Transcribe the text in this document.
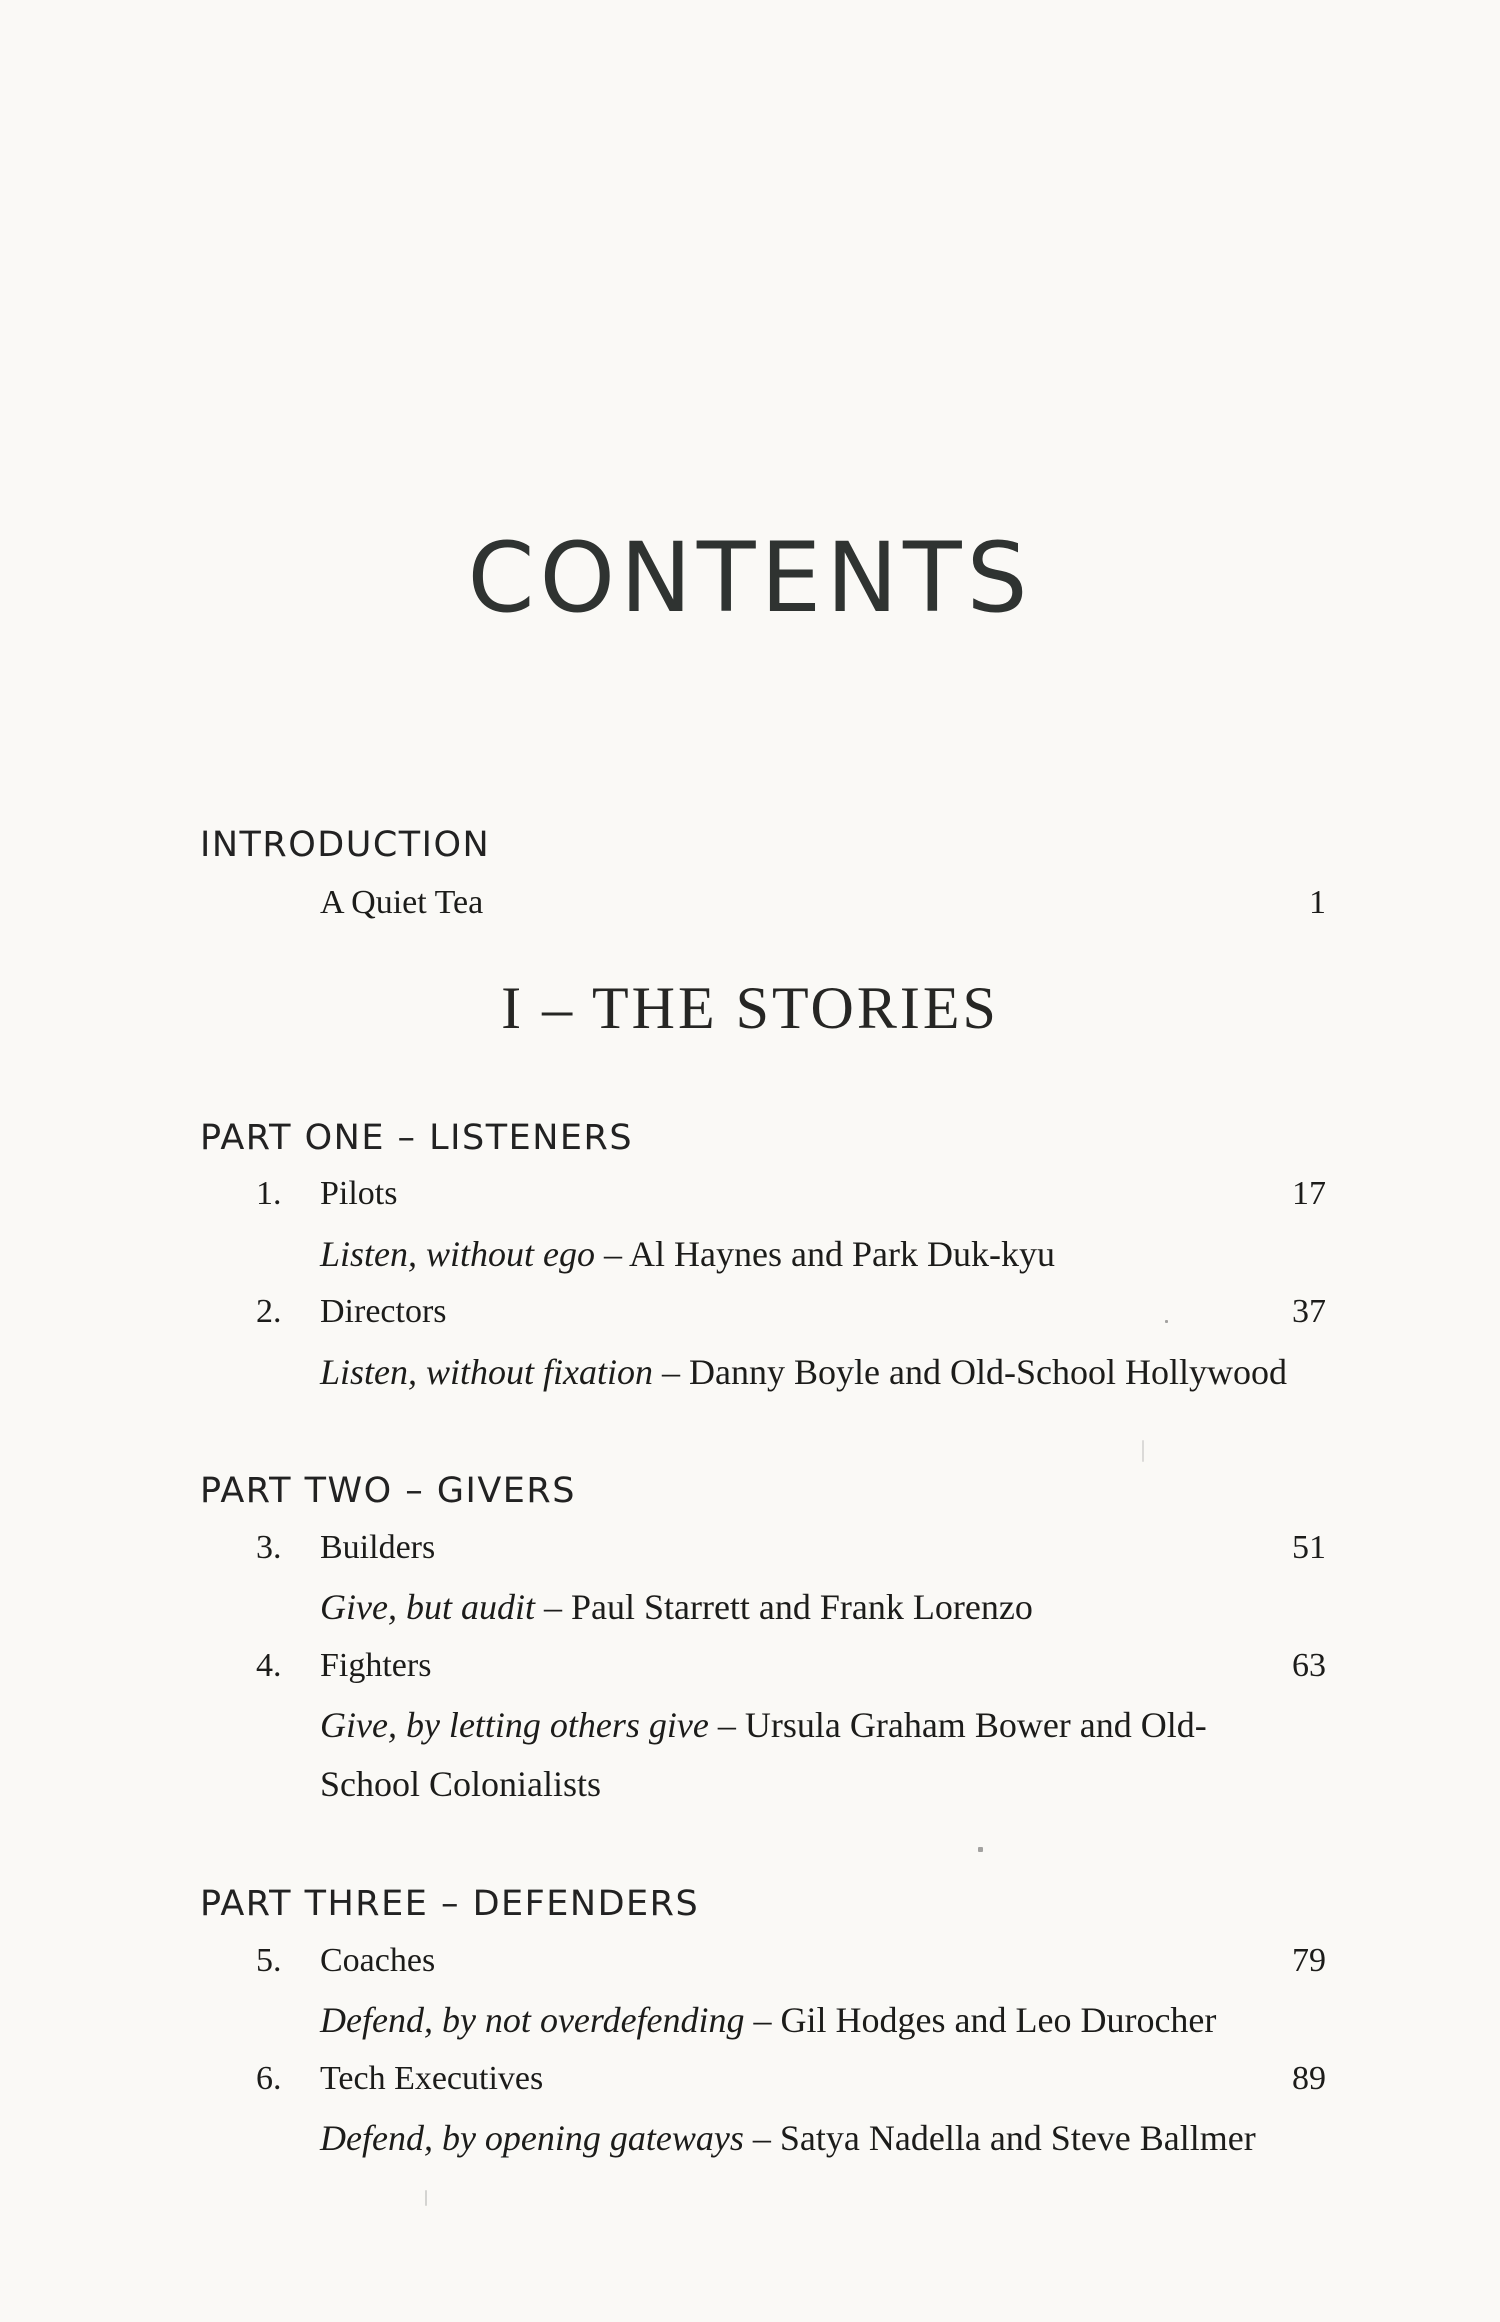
CONTENTS
INTRODUCTION
A Quiet Tea	1
I – THE STORIES
PART ONE – LISTENERS
1. Pilots	17
Listen, without ego – Al Haynes and Park Duk-kyu
2. Directors	37
Listen, without fixation – Danny Boyle and Old-School Hollywood
PART TWO – GIVERS
3. Builders	51
Give, but audit – Paul Starrett and Frank Lorenzo
4. Fighters	63
Give, by letting others give – Ursula Graham Bower and Old-School Colonialists
PART THREE – DEFENDERS
5. Coaches	79
Defend, by not overdefending – Gil Hodges and Leo Durocher
6. Tech Executives	89
Defend, by opening gateways – Satya Nadella and Steve Ballmer
